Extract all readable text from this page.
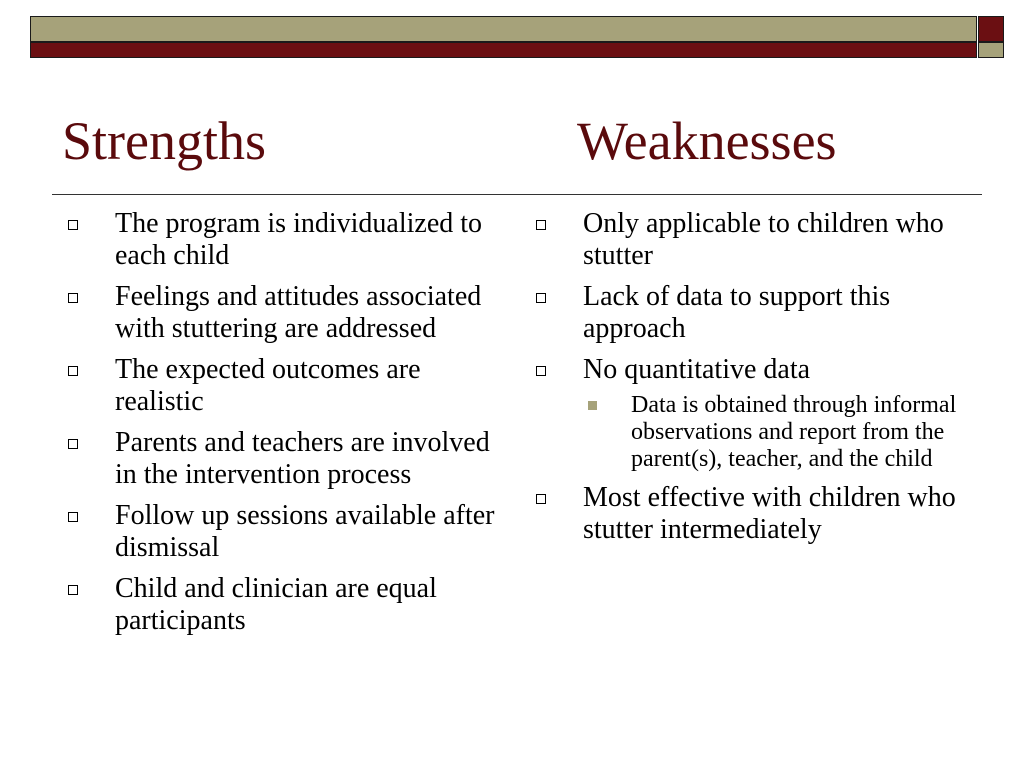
Strengths	Weaknesses
The program is individualized to each child
Feelings and attitudes associated with stuttering are addressed
The expected outcomes are realistic
Parents and teachers are involved in the intervention process
Follow up sessions available after dismissal
Child and clinician are equal participants
Only applicable to children who stutter
Lack of data to support this approach
No quantitative data
Data is obtained through informal observations and report from the parent(s), teacher, and the child
Most effective with children who stutter intermediately
